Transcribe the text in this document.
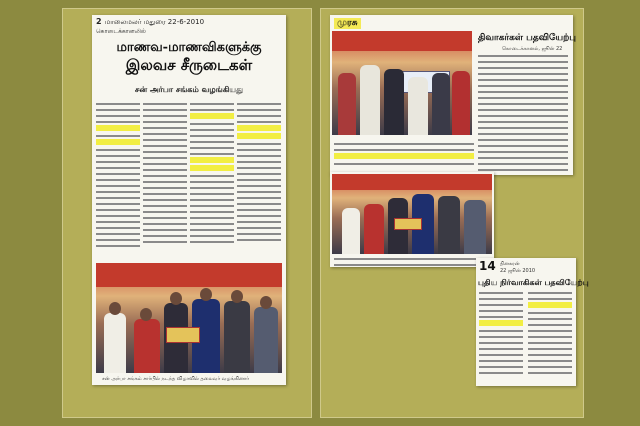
2 மாலைமலர் மதுரை 22-6-2010
கொடைக்கானலில்
மாணவ-மாணவிகளுக்கு
இலவச சீருடைகள்
சன் அர்பா சங்கம் வழங்கியது
சன் அர்பா சங்கம் சார்பில் நடந்த விழாவில் தலைவர் வழங்கினார்
முரசு
திவாகர்கள் பதவியேற்பு
கொடைக்கானல், ஜூன் 22
14 தினகரன்
22 ஜூன் 2010
புதிய நிர்வாகிகள் பதவியேற்பு
